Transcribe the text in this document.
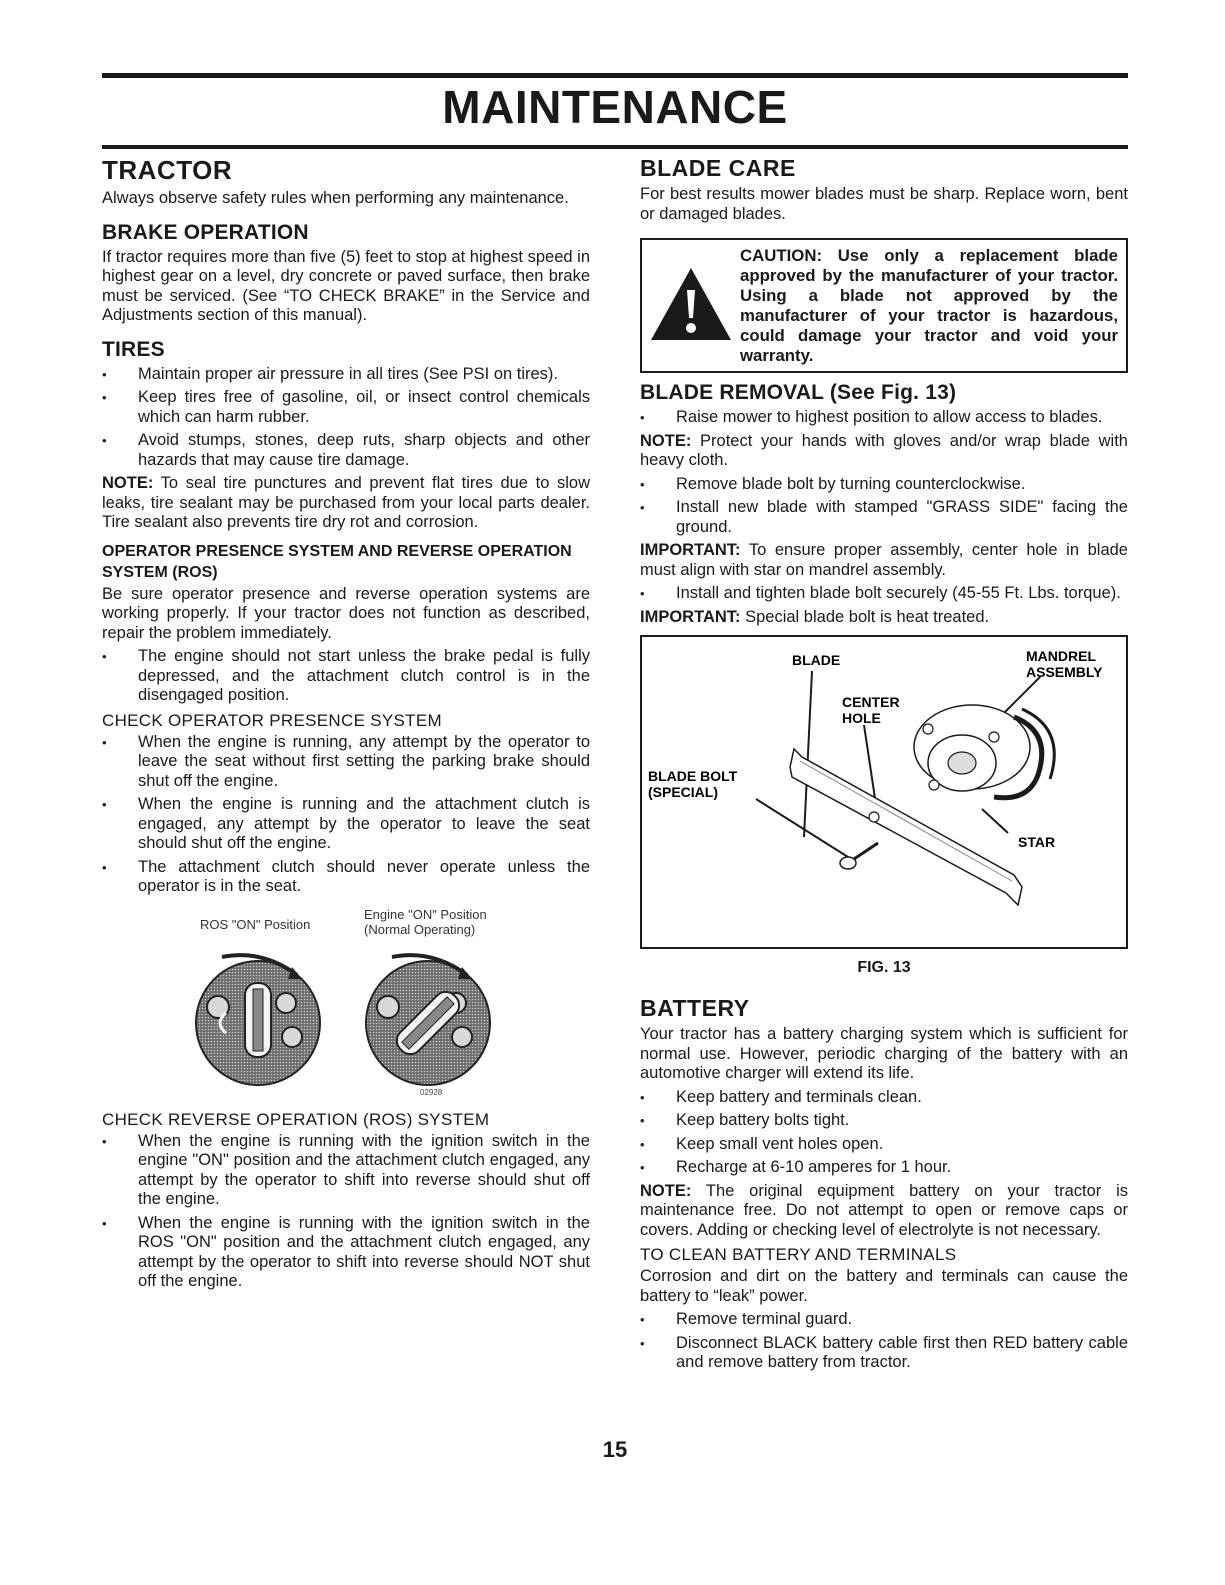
MAINTENANCE
TRACTOR

Always observe safety rules when performing any maintenance.

BRAKE OPERATION

If tractor requires more than five (5) feet to stop at highest speed in highest gear on a level, dry concrete or paved surface, then brake must be serviced. (See “TO CHECK BRAKE” in the Service and Adjustments section of this manual).

TIRES
• Maintain proper air pressure in all tires (See PSI on tires).
• Keep tires free of gasoline, oil, or insect control chemicals which can harm rubber.
• Avoid stumps, stones, deep ruts, sharp objects and other hazards that may cause tire damage.

NOTE: To seal tire punctures and prevent flat tires due to slow leaks, tire sealant may be purchased from your local parts dealer. Tire sealant also prevents tire dry rot and corrosion.

OPERATOR PRESENCE SYSTEM AND REVERSE OPERATION SYSTEM (ROS)

Be sure operator presence and reverse operation systems are working properly. If your tractor does not function as described, repair the problem immediately.

• The engine should not start unless the brake pedal is fully depressed, and the attachment clutch control is in the disengaged position.
CHECK OPERATOR PRESENCE SYSTEM
• When the engine is running, any attempt by the operator to leave the seat without first setting the parking brake should shut off the engine.
• When the engine is running and the attachment clutch is engaged, any attempt by the operator to leave the seat should shut off the engine.
• The attachment clutch should never operate unless the operator is in the seat.
ROS "ON" Position
Engine "ON" Position
(Normal Operating)
02928
CHECK REVERSE OPERATION (ROS) SYSTEM
• When the engine is running with the ignition switch in the engine "ON" position and the attachment clutch engaged, any attempt by the operator to shift into reverse should shut off the engine.
• When the engine is running with the ignition switch in the ROS "ON" position and the attachment clutch engaged, any attempt by the operator to shift into reverse should NOT shut off the engine.
BLADE CARE

For best results mower blades must be sharp. Replace worn, bent or damaged blades.

CAUTION: Use only a replacement blade approved by the manufacturer of your tractor. Using a blade not approved by the manufacturer of your tractor is hazardous, could damage your tractor and void your warranty.

BLADE REMOVAL (See Fig. 13)
• Raise mower to highest position to allow access to blades.

NOTE: Protect your hands with gloves and/or wrap blade with heavy cloth.

• Remove blade bolt by turning counterclockwise.
• Install new blade with stamped "GRASS SIDE" facing the ground.

IMPORTANT: To ensure proper assembly, center hole in blade must align with star on mandrel assembly.

• Install and tighten blade bolt securely (45-55 Ft. Lbs. torque).

IMPORTANT: Special blade bolt is heat treated.

BLADE	MANDREL
ASSEMBLY
CENTER
HOLE
BLADE BOLT
(SPECIAL)
STAR
FIG. 13
BATTERY

Your tractor has a battery charging system which is sufficient for normal use. However, periodic charging of the battery with an automotive charger will extend its life.

• Keep battery and terminals clean.
• Keep battery bolts tight.
• Keep small vent holes open.
• Recharge at 6-10 amperes for 1 hour.

NOTE: The original equipment battery on your tractor is maintenance free. Do not attempt to open or remove caps or covers. Adding or checking level of electrolyte is not necessary.

TO CLEAN BATTERY AND TERMINALS

Corrosion and dirt on the battery and terminals can cause the battery to “leak” power.

• Remove terminal guard.
• Disconnect BLACK battery cable first then RED battery cable and remove battery from tractor.
15
